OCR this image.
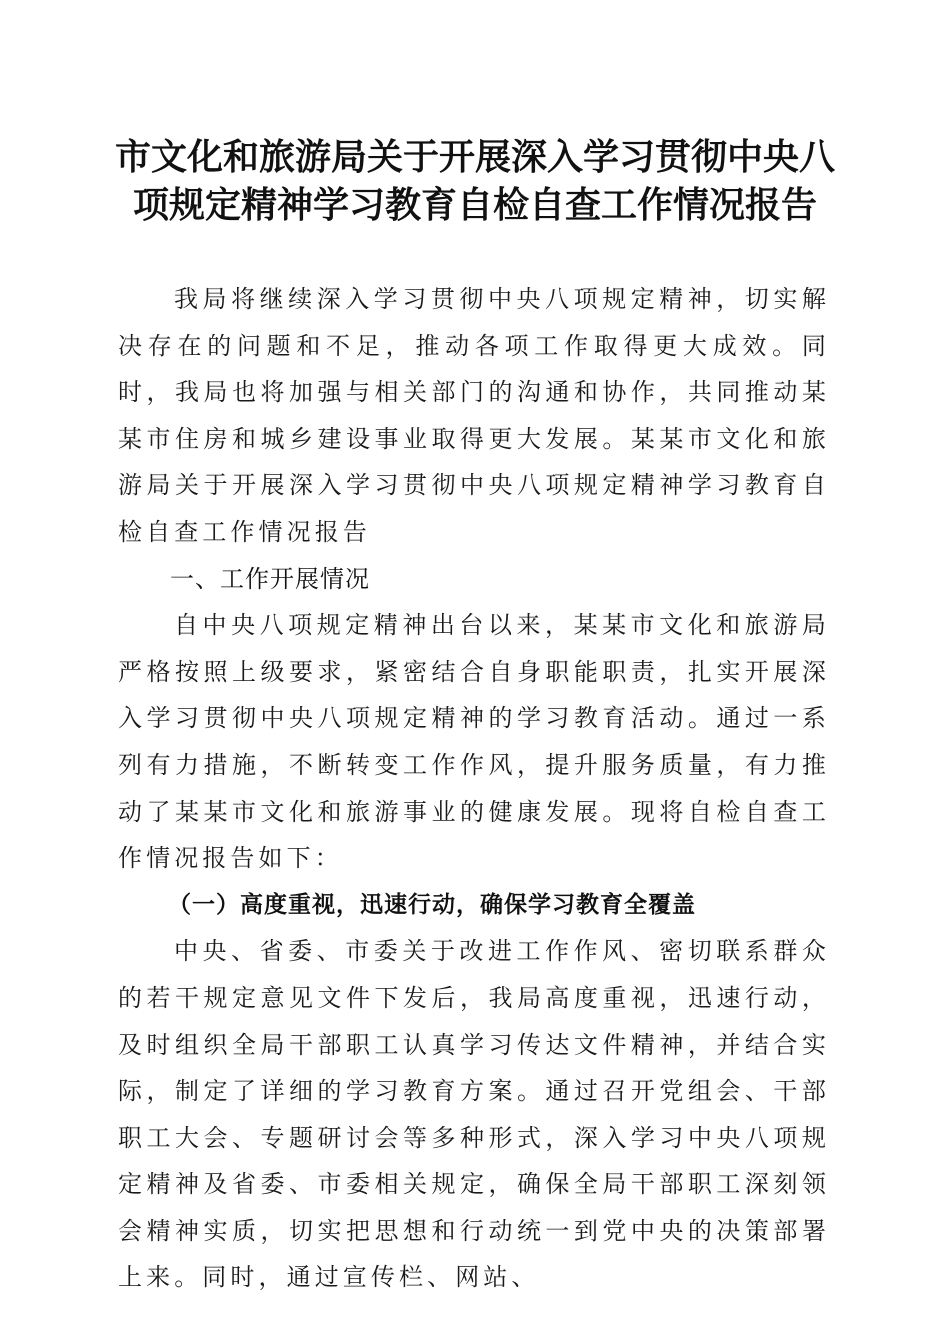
市文化和旅游局关于开展深入学习贯彻中央八项规定精神学习教育自检自查工作情况报告

我局将继续深入学习贯彻中央八项规定精神，切实解决存在的问题和不足，推动各项工作取得更大成效。同时，我局也将加强与相关部门的沟通和协作，共同推动某某市住房和城乡建设事业取得更大发展。某某市文化和旅游局关于开展深入学习贯彻中央八项规定精神学习教育自检自查工作情况报告

一、工作开展情况

自中央八项规定精神出台以来，某某市文化和旅游局严格按照上级要求，紧密结合自身职能职责，扎实开展深入学习贯彻中央八项规定精神的学习教育活动。通过一系列有力措施，不断转变工作作风，提升服务质量，有力推动了某某市文化和旅游事业的健康发展。现将自检自查工作情况报告如下：

（一）高度重视，迅速行动，确保学习教育全覆盖

中央、省委、市委关于改进工作作风、密切联系群众的若干规定意见文件下发后，我局高度重视，迅速行动，及时组织全局干部职工认真学习传达文件精神，并结合实际，制定了详细的学习教育方案。通过召开党组会、干部职工大会、专题研讨会等多种形式，深入学习中央八项规定精神及省委、市委相关规定，确保全局干部职工深刻领会精神实质，切实把思想和行动统一到党中央的决策部署上来。同时，通过宣传栏、网站、
